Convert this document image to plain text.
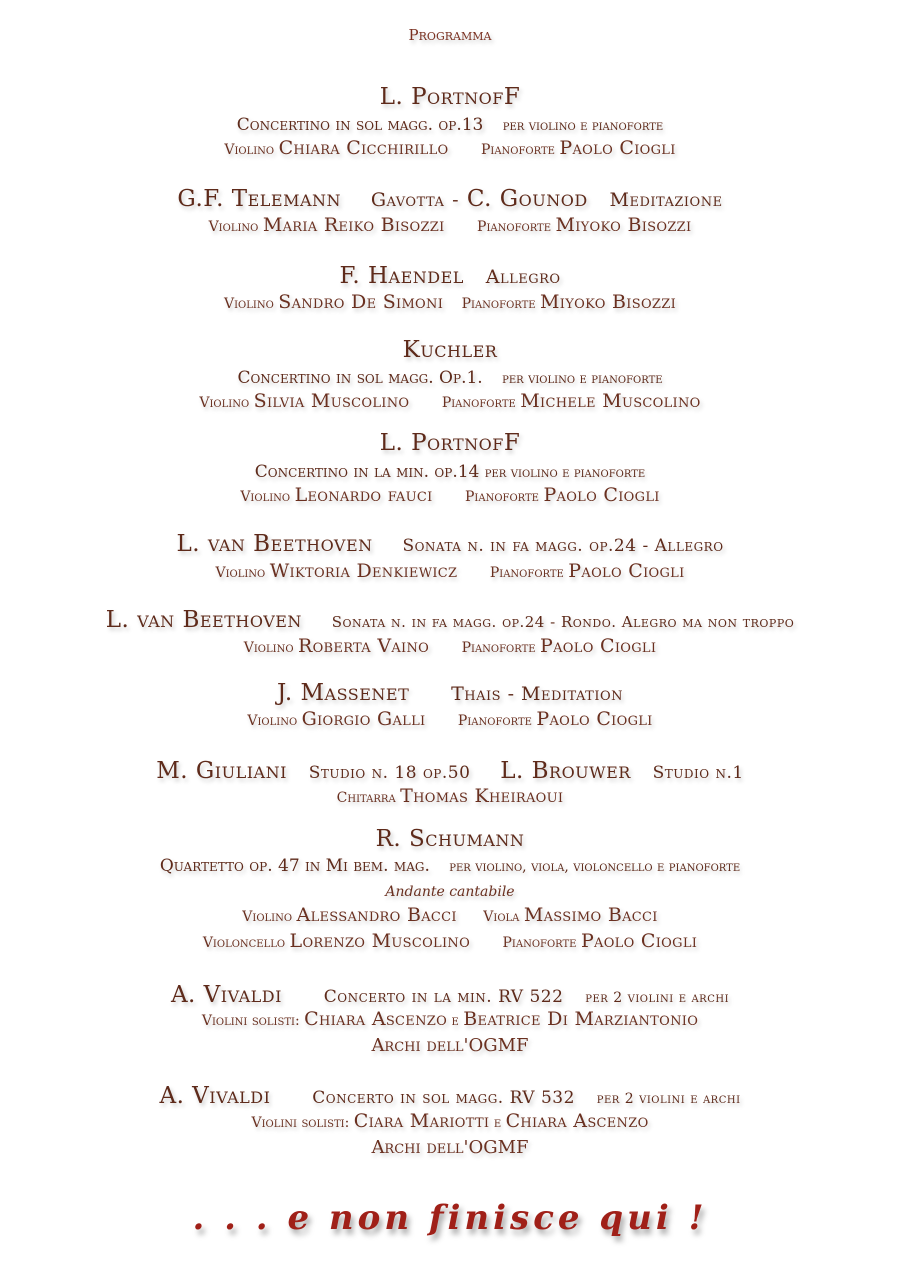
Programma
L. PortnofF
Concertino in sol magg. op.13 per violino e pianoforte
Violino Chiara Cicchirillo Pianoforte Paolo Ciogli
G.F. Telemann Gavotta - C. Gounod Meditazione
Violino Maria Reiko Bisozzi Pianoforte Miyoko Bisozzi
F. Haendel Allegro
Violino Sandro De Simoni Pianoforte Miyoko Bisozzi
Kuchler
Concertino in sol magg. Op.1. per violino e pianoforte
Violino Silvia Muscolino Pianoforte Michele Muscolino
L. PortnofF
Concertino in la min. op.14 per violino e pianoforte
Violino Leonardo fauci Pianoforte Paolo Ciogli
L. van Beethoven Sonata n. in fa magg. op.24 - Allegro
Violino Wiktoria Denkiewicz Pianoforte Paolo Ciogli
L. van Beethoven Sonata n. in fa magg. op.24 - Rondo. Alegro ma non troppo
Violino Roberta Vaino Pianoforte Paolo Ciogli
J. Massenet Thais - Meditation
Violino Giorgio Galli Pianoforte Paolo Ciogli
M. Giuliani Studio n. 18 op.50 L. Brouwer Studio n.1
Chitarra Thomas Kheiraoui
R. Schumann
Quartetto op. 47 in Mi bem. mag. per violino, viola, violoncello e pianoforte
Andante cantabile
Violino Alessandro Bacci Viola Massimo Bacci
Violoncello Lorenzo Muscolino Pianoforte Paolo Ciogli
A. Vivaldi Concerto in la min. RV 522 per 2 violini e archi
Violini solisti: Chiara Ascenzo e Beatrice Di Marziantonio
Archi dell'OGMF
A. Vivaldi Concerto in sol magg. RV 532 per 2 violini e archi
Violini solisti: Ciara Mariotti e Chiara Ascenzo
Archi dell'OGMF
. . . e non finisce qui !
